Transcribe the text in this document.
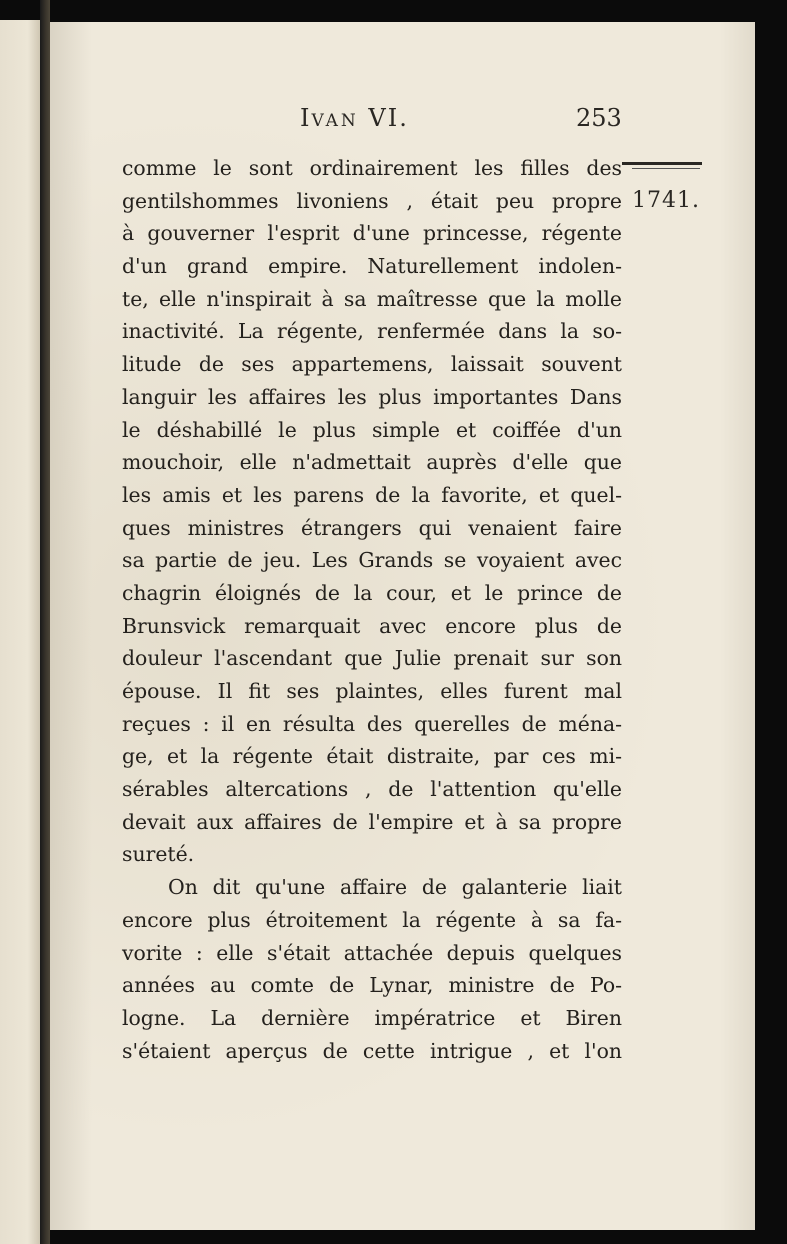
IVAN VI.	253
1741.
comme le sont ordinairement les filles des
gentilshommes livoniens , était peu propre
à gouverner l'esprit d'une princesse, régente
d'un grand empire. Naturellement indolen-
te, elle n'inspirait à sa maîtresse que la molle
inactivité. La régente, renfermée dans la so-
litude de ses appartemens, laissait souvent
languir les affaires les plus importantes Dans
le déshabillé le plus simple et coiffée d'un
mouchoir, elle n'admettait auprès d'elle que
les amis et les parens de la favorite, et quel-
ques ministres étrangers qui venaient faire
sa partie de jeu. Les Grands se voyaient avec
chagrin éloignés de la cour, et le prince de
Brunsvick remarquait avec encore plus de
douleur l'ascendant que Julie prenait sur son
épouse. Il fit ses plaintes, elles furent mal
reçues : il en résulta des querelles de ména-
ge, et la régente était distraite, par ces mi-
sérables altercations , de l'attention qu'elle
devait aux affaires de l'empire et à sa propre
sureté.
On dit qu'une affaire de galanterie liait
encore plus étroitement la régente à sa fa-
vorite : elle s'était attachée depuis quelques
années au comte de Lynar, ministre de Po-
logne. La dernière impératrice et Biren
s'étaient aperçus de cette intrigue , et l'on
